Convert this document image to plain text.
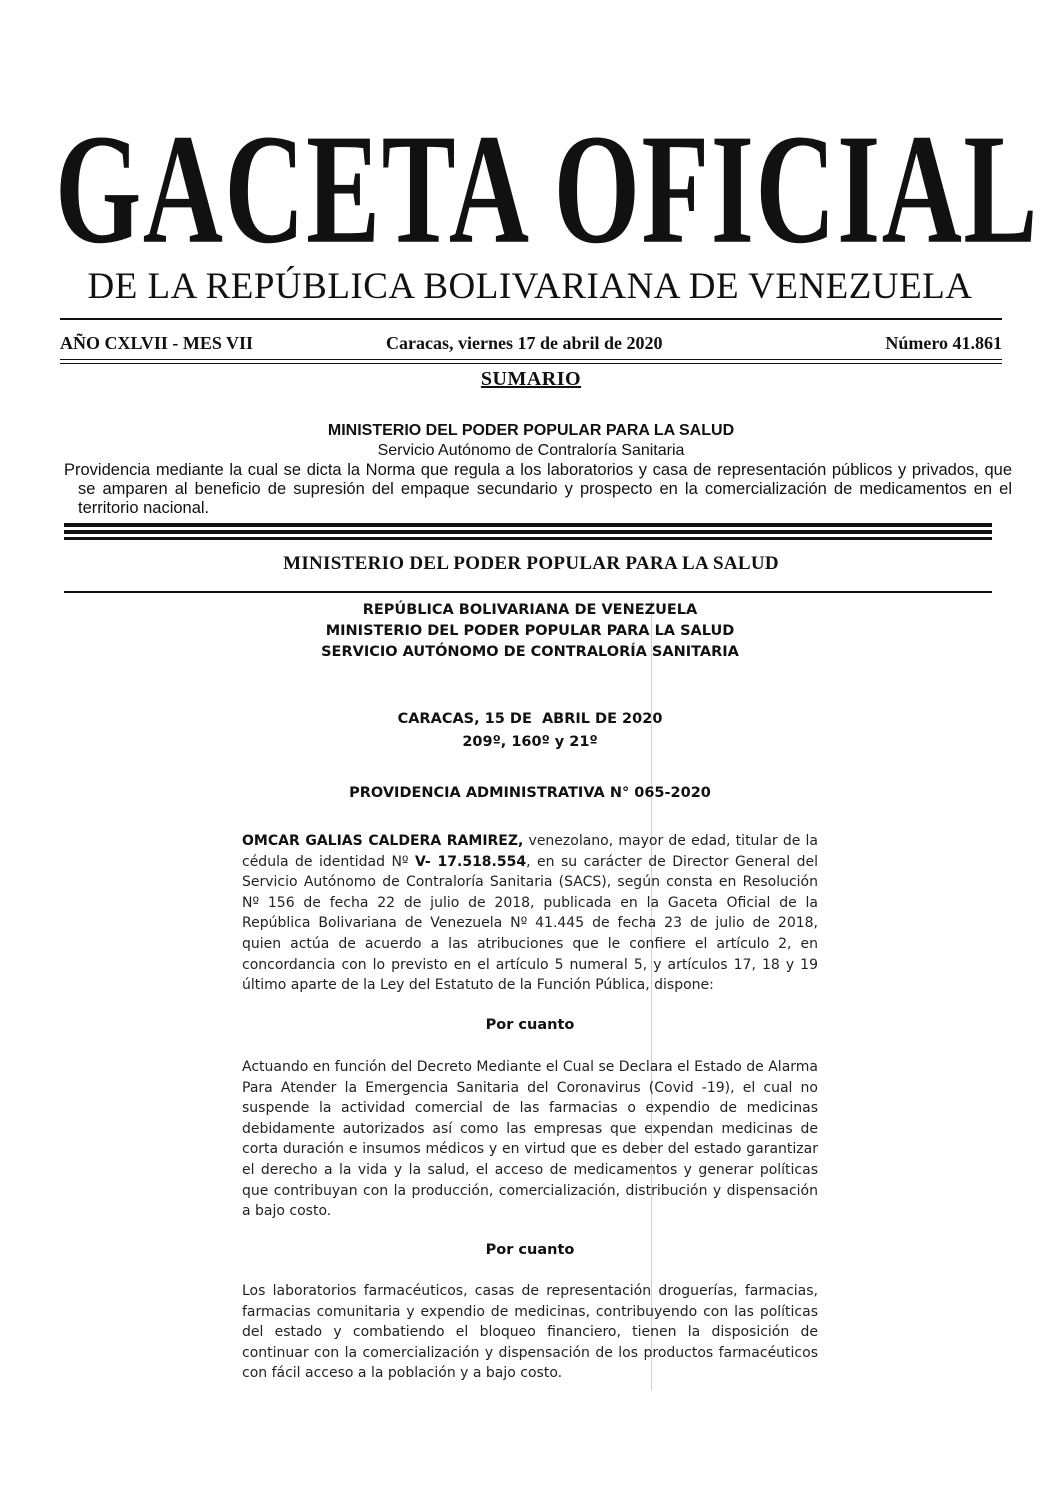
GACETA OFICIAL
DE LA REPÚBLICA BOLIVARIANA DE VENEZUELA
AÑO CXLVII - MES VII	Caracas, viernes 17 de abril de 2020	Número 41.861
SUMARIO
MINISTERIO DEL PODER POPULAR PARA LA SALUD
Servicio Autónomo de Contraloría Sanitaria
Providencia mediante la cual se dicta la Norma que regula a los laboratorios y casa de representación públicos y privados, que se amparen al beneficio de supresión del empaque secundario y prospecto en la comercialización de medicamentos en el territorio nacional.
MINISTERIO DEL PODER POPULAR PARA LA SALUD
REPÚBLICA BOLIVARIANA DE VENEZUELA
MINISTERIO DEL PODER POPULAR PARA LA SALUD
SERVICIO AUTÓNOMO DE CONTRALORÍA SANITARIA
CARACAS, 15 DE  ABRIL DE 2020
209º, 160º y 21º
PROVIDENCIA ADMINISTRATIVA N° 065-2020
OMCAR GALIAS CALDERA RAMIREZ, venezolano, mayor de edad, titular de la cédula de identidad Nº V- 17.518.554, en su carácter de Director General del Servicio Autónomo de Contraloría Sanitaria (SACS), según consta en Resolución Nº 156 de fecha 22 de julio de 2018, publicada en la Gaceta Oficial de la República Bolivariana de Venezuela Nº 41.445 de fecha 23 de julio de 2018, quien actúa de acuerdo a las atribuciones que le confiere el artículo 2, en concordancia con lo previsto en el artículo 5 numeral 5, y artículos 17, 18 y 19 último aparte de la Ley del Estatuto de la Función Pública, dispone:
Por cuanto
Actuando en función del Decreto Mediante el Cual se Declara el Estado de Alarma Para Atender la Emergencia Sanitaria del Coronavirus (Covid -19), el cual no suspende la actividad comercial de las farmacias o expendio de medicinas debidamente autorizados así como las empresas que expendan medicinas de corta duración e insumos médicos y en virtud que es deber del estado garantizar el derecho a la vida y la salud, el acceso de medicamentos y generar políticas que contribuyan con la producción, comercialización, distribución y dispensación a bajo costo.
Por cuanto
Los laboratorios farmacéuticos, casas de representación droguerías, farmacias, farmacias comunitaria y expendio de medicinas, contribuyendo con las políticas del estado y combatiendo el bloqueo financiero, tienen la disposición de continuar con la comercialización y dispensación de los productos farmacéuticos con fácil acceso a la población y a bajo costo.
